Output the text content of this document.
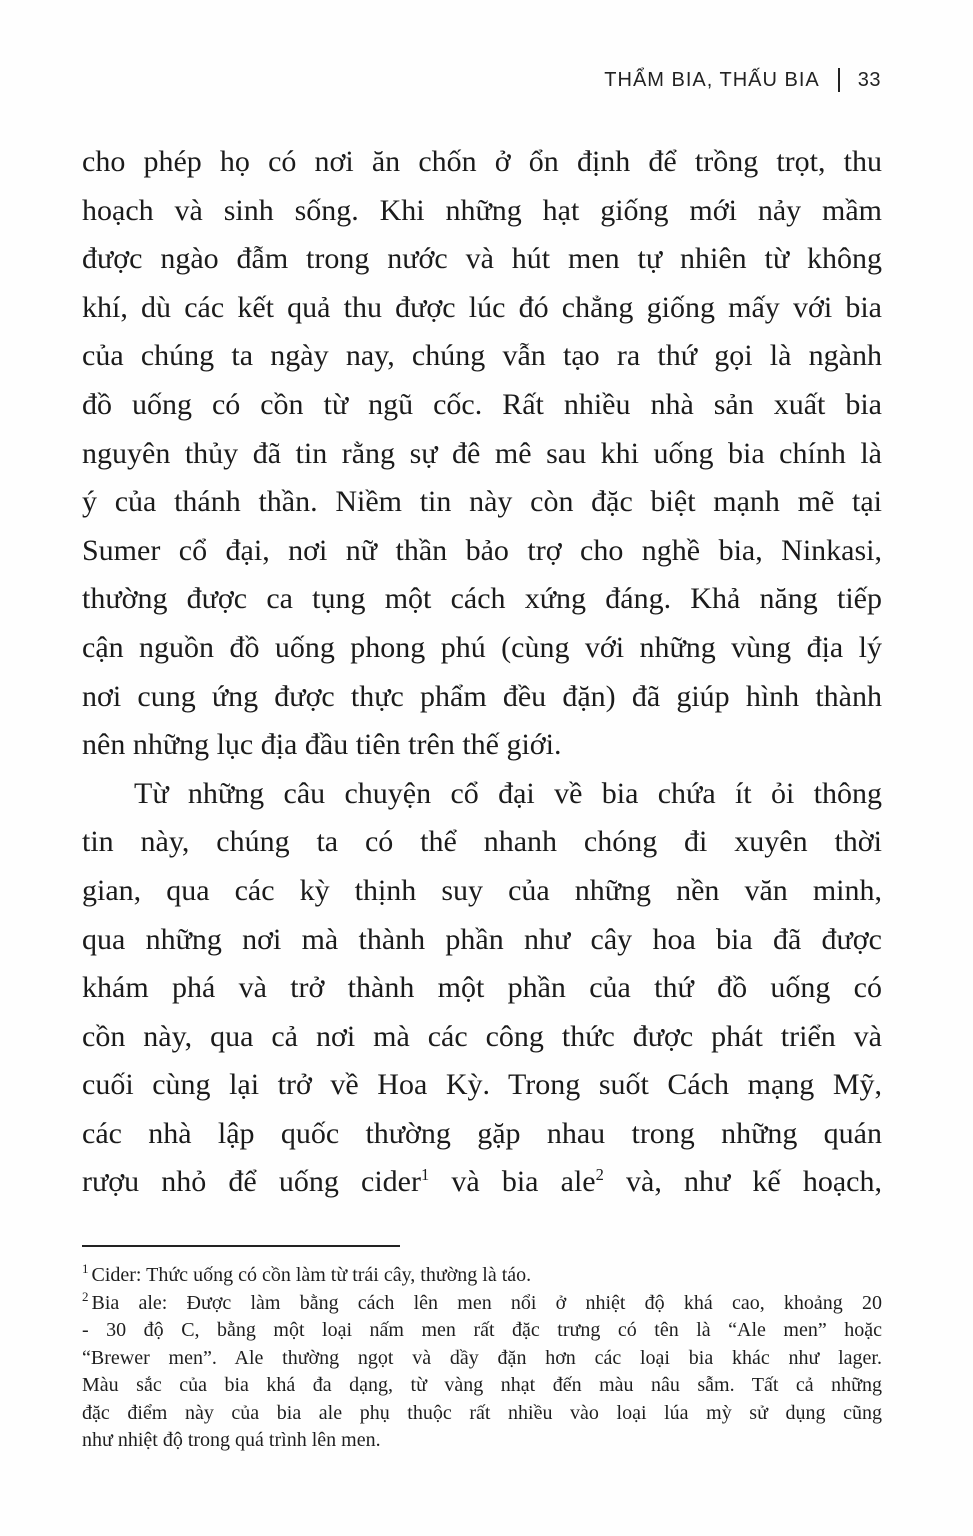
THẨM BIA, THẤU BIA 33
cho phép họ có nơi ăn chốn ở ổn định để trồng trọt, thu
hoạch và sinh sống. Khi những hạt giống mới nảy mầm
được ngào đẫm trong nước và hút men tự nhiên từ không
khí, dù các kết quả thu được lúc đó chẳng giống mấy với bia
của chúng ta ngày nay, chúng vẫn tạo ra thứ gọi là ngành
đồ uống có cồn từ ngũ cốc. Rất nhiều nhà sản xuất bia
nguyên thủy đã tin rằng sự đê mê sau khi uống bia chính là
ý của thánh thần. Niềm tin này còn đặc biệt mạnh mẽ tại
Sumer cổ đại, nơi nữ thần bảo trợ cho nghề bia, Ninkasi,
thường được ca tụng một cách xứng đáng. Khả năng tiếp
cận nguồn đồ uống phong phú (cùng với những vùng địa lý
nơi cung ứng được thực phẩm đều đặn) đã giúp hình thành
nên những lục địa đầu tiên trên thế giới.
Từ những câu chuyện cổ đại về bia chứa ít ỏi thông
tin này, chúng ta có thể nhanh chóng đi xuyên thời
gian, qua các kỳ thịnh suy của những nền văn minh,
qua những nơi mà thành phần như cây hoa bia đã được
khám phá và trở thành một phần của thứ đồ uống có
cồn này, qua cả nơi mà các công thức được phát triển và
cuối cùng lại trở về Hoa Kỳ. Trong suốt Cách mạng Mỹ,
các nhà lập quốc thường gặp nhau trong những quán
rượu nhỏ để uống cider$^1$ và bia ale$^2$ và, như kế hoạch,
$^1$ Cider: Thức uống có cồn làm từ trái cây, thường là táo.
$^2$ Bia ale: Được làm bằng cách lên men nổi ở nhiệt độ khá cao, khoảng 20
- 30 độ C, bằng một loại nấm men rất đặc trưng có tên là “Ale men” hoặc
“Brewer men”. Ale thường ngọt và dầy đặn hơn các loại bia khác như lager.
Màu sắc của bia khá đa dạng, từ vàng nhạt đến màu nâu sẫm. Tất cả những
đặc điểm này của bia ale phụ thuộc rất nhiều vào loại lúa mỳ sử dụng cũng
như nhiệt độ trong quá trình lên men.
